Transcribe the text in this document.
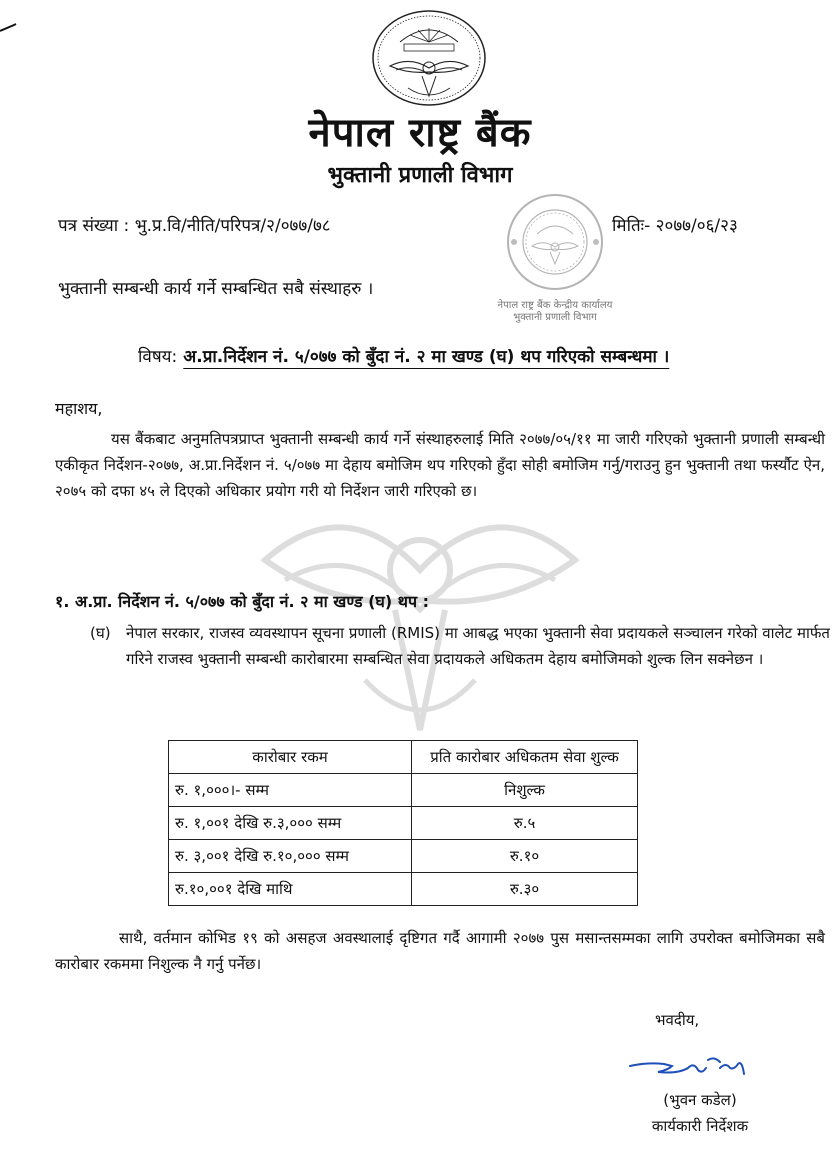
नेपाल राष्ट्र बैंक
भुक्तानी प्रणाली विभाग
नेपाल राष्ट्र बैंक केन्द्रीय कार्यालय
भुक्तानी प्रणाली विभाग
पत्र संख्या : भु.प्र.वि/नीति/परिपत्र/२/०७७/७८	मितिः- २०७७/०६/२३
भुक्तानी सम्बन्धी कार्य गर्ने सम्बन्धित सबै संस्थाहरु ।
विषय: अ.प्रा.निर्देशन नं. ५/०७७ को बुँदा नं. २ मा खण्ड (घ) थप गरिएको सम्बन्धमा ।
महाशय,
यस बैंकबाट अनुमतिपत्रप्राप्त भुक्तानी सम्बन्धी कार्य गर्ने संस्थाहरुलाई मिति २०७७/०५/११ मा जारी गरिएको भुक्तानी प्रणाली सम्बन्धी एकीकृत निर्देशन-२०७७, अ.प्रा.निर्देशन नं. ५/०७७ मा देहाय बमोजिम थप गरिएको हुँदा सोही बमोजिम गर्नु/गराउनु हुन भुक्तानी तथा फर्स्यौट ऐन, २०७५ को दफा ४५ ले दिएको अधिकार प्रयोग गरी यो निर्देशन जारी गरिएको छ।
१. अ.प्रा. निर्देशन नं. ५/०७७ को बुँदा नं. २ मा खण्ड (घ) थप :
(घ) नेपाल सरकार, राजस्व व्यवस्थापन सूचना प्रणाली (RMIS) मा आबद्ध भएका भुक्तानी सेवा प्रदायकले सञ्चालन गरेको वालेट मार्फत गरिने राजस्व भुक्तानी सम्बन्धी कारोबारमा सम्बन्धित सेवा प्रदायकले अधिकतम देहाय बमोजिमको शुल्क लिन सक्नेछन ।
कारोबार रकम	प्रति कारोबार अधिकतम सेवा शुल्क
रु. १,०००।- सम्म	निशुल्क
रु. १,००१ देखि रु.३,००० सम्म	रु.५
रु. ३,००१ देखि रु.१०,००० सम्म	रु.१०
रु.१०,००१ देखि माथि	रु.३०
साथै, वर्तमान कोभिड १९ को असहज अवस्थालाई दृष्टिगत गर्दै आगामी २०७७ पुस मसान्तसम्मका लागि उपरोक्त बमोजिमका सबै कारोबार रकममा निशुल्क नै गर्नु पर्नेछ।
भवदीय,
(भुवन कडेल)
कार्यकारी निर्देशक
